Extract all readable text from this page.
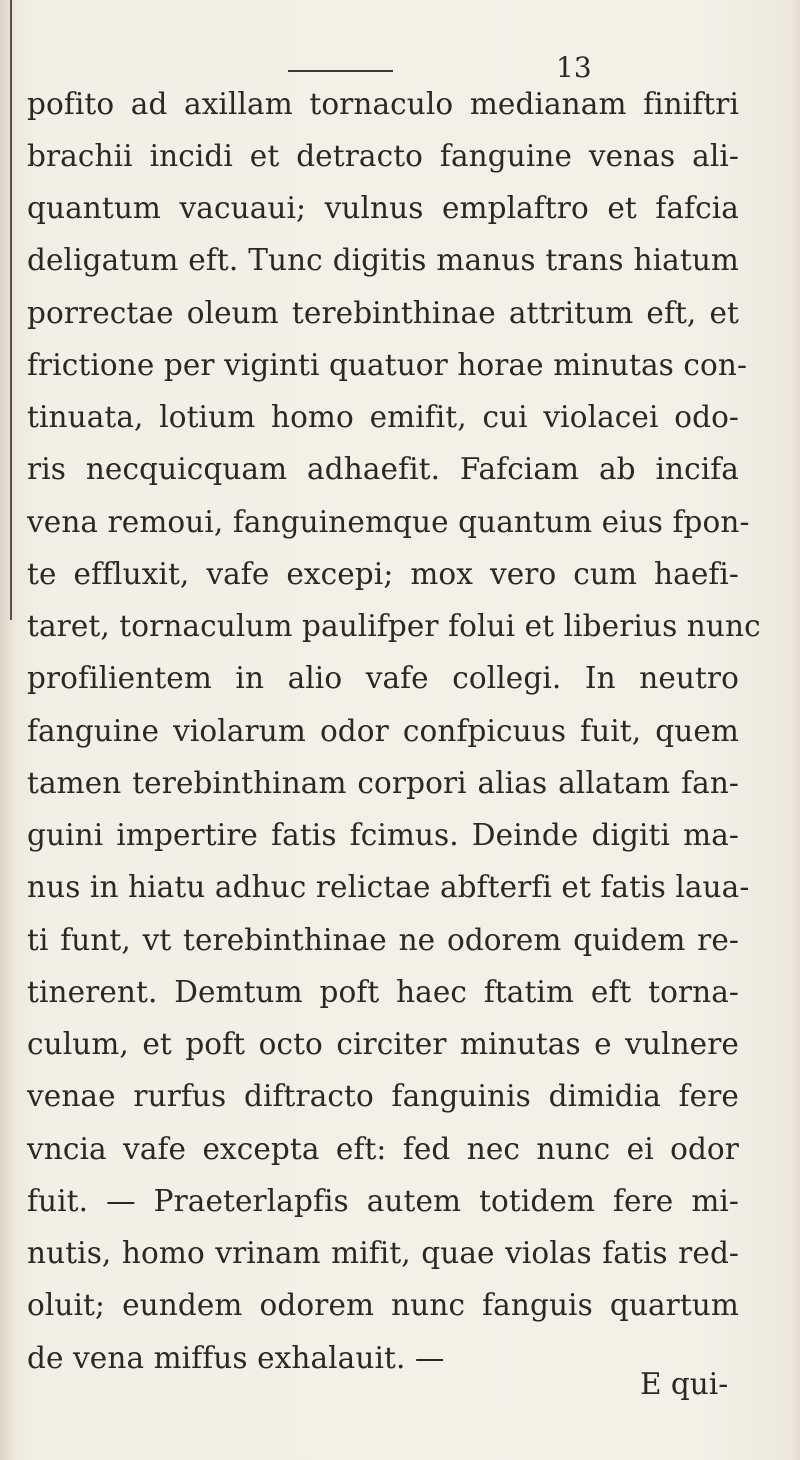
13
pofito ad axillam tornaculo medianam finiftri
brachii incidi et detracto fanguine venas ali-
quantum vacuaui; vulnus emplaftro et fafcia
deligatum eft. Tunc digitis manus trans hiatum
porrectae oleum terebinthinae attritum eft, et
frictione per viginti quatuor horae minutas con-
tinuata, lotium homo emifit, cui violacei odo-
ris necquicquam adhaefit. Fafciam ab incifa
vena remoui, fanguinemque quantum eius fpon-
te effluxit, vafe excepi; mox vero cum haefi-
taret, tornaculum paulifper folui et liberius nunc
profilientem in alio vafe collegi. In neutro
fanguine violarum odor confpicuus fuit, quem
tamen terebinthinam corpori alias allatam fan-
guini impertire fatis fcimus. Deinde digiti ma-
nus in hiatu adhuc relictae abfterfi et fatis laua-
ti funt, vt terebinthinae ne odorem quidem re-
tinerent. Demtum poft haec ftatim eft torna-
culum, et poft octo circiter minutas e vulnere
venae rurfus diftracto fanguinis dimidia fere
vncia vafe excepta eft: fed nec nunc ei odor
fuit. — Praeterlapfis autem totidem fere mi-
nutis, homo vrinam mifit, quae violas fatis red-
oluit; eundem odorem nunc fanguis quartum
de vena miffus exhalauit. —
E qui-
